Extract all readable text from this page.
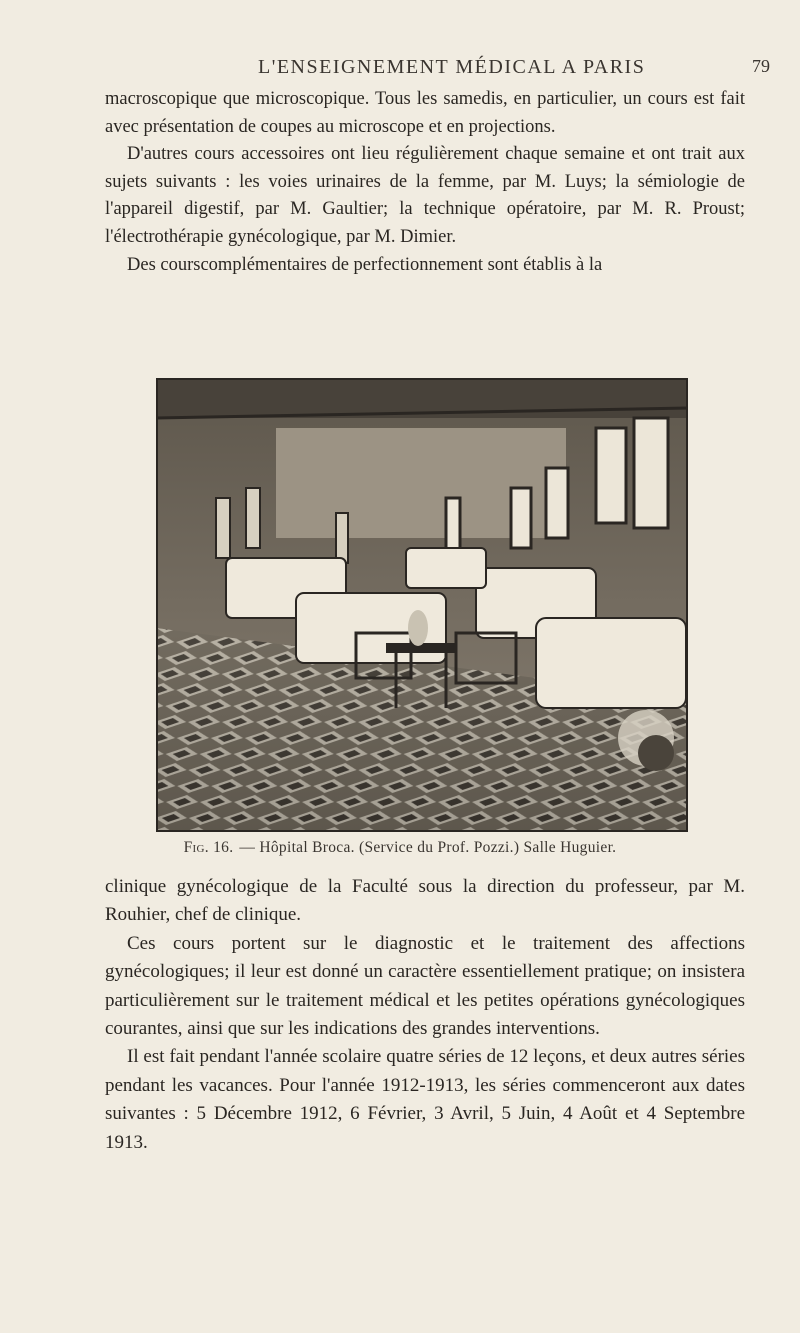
L'ENSEIGNEMENT MÉDICAL A PARIS	79

macroscopique que microscopique. Tous les samedis, en particulier, un cours est fait avec présentation de coupes au microscope et en projections.

D'autres cours accessoires ont lieu régulièrement chaque semaine et ont trait aux sujets suivants : les voies urinaires de la femme, par M. Luys; la sémiologie de l'appareil digestif, par M. Gaultier; la technique opératoire, par M. R. Proust; l'électrothérapie gynécologique, par M. Dimier.

Des courscomplémentaires de perfectionnement sont établis à la

Fig. 16. — Hôpital Broca. (Service du Prof. Pozzi.) Salle Huguier.

clinique gynécologique de la Faculté sous la direction du professeur, par M. Rouhier, chef de clinique.

Ces cours portent sur le diagnostic et le traitement des affections gynécologiques; il leur est donné un caractère essentiellement pratique; on insistera particulièrement sur le traitement médical et les petites opérations gynécologiques courantes, ainsi que sur les indications des grandes interventions.

Il est fait pendant l'année scolaire quatre séries de 12 leçons, et deux autres séries pendant les vacances. Pour l'année 1912-1913, les séries commenceront aux dates suivantes : 5 Décembre 1912, 6 Février, 3 Avril, 5 Juin, 4 Août et 4 Septembre 1913.
